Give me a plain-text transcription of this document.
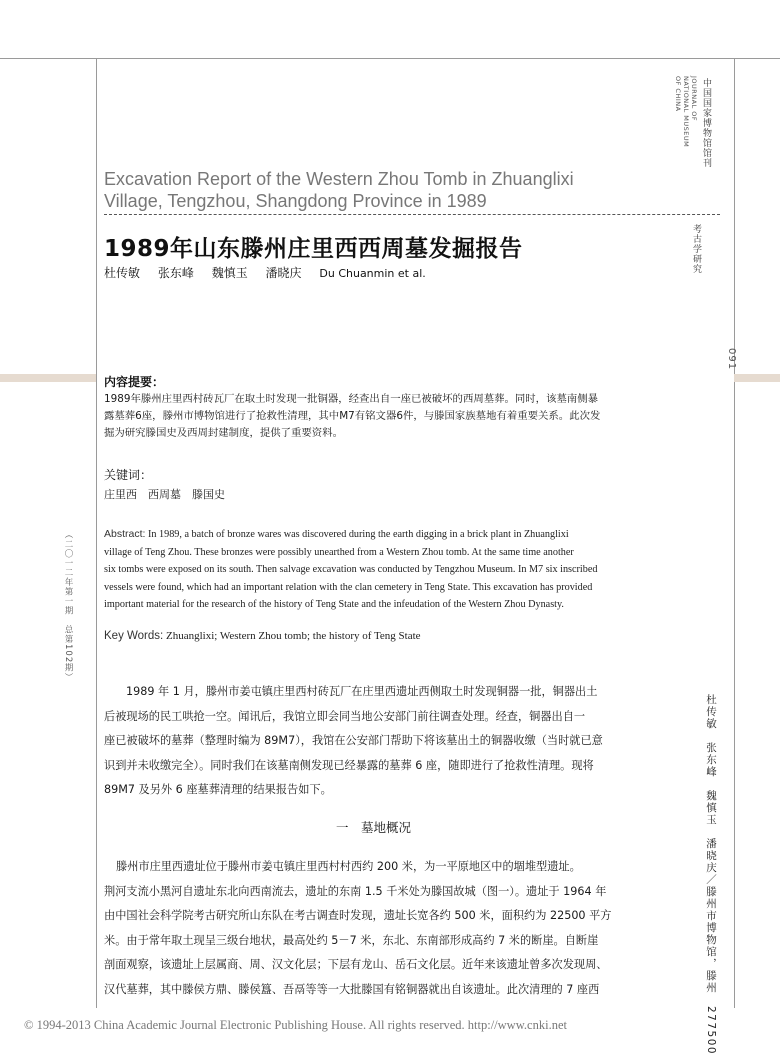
JOURNAL OF NATIONAL MUSEUM OF CHINA	中国国家博物馆馆刊
考古学研究
091
（二〇一二年第一期　总第102期）
杜传敏　张东峰　魏慎玉　潘晓庆／滕州市博物馆，滕州　277500
Excavation Report of the Western Zhou Tomb in Zhuanglixi
Village, Tengzhou, Shangdong Province in 1989
1989年山东滕州庄里西西周墓发掘报告
杜传敏 张东峰 魏慎玉 潘晓庆 Du Chuanmin et al.
内容提要：
1989年滕州庄里西村砖瓦厂在取土时发现一批铜器，经查出自一座已被破坏的西周墓葬。同时，该墓南侧暴
露墓葬6座，滕州市博物馆进行了抢救性清理，其中M7有铭文器6件，与滕国家族墓地有着重要关系。此次发
掘为研究滕国史及西周封建制度，提供了重要资料。
关键词：
庄里西　西周墓　滕国史
Abstract: In 1989, a batch of bronze wares was discovered during the earth digging in a brick plant in Zhuanglixi
village of Teng Zhou. These bronzes were possibly unearthed from a Western Zhou tomb. At the same time another
six tombs were exposed on its south. Then salvage excavation was conducted by Tengzhou Museum. In M7 six inscribed
vessels were found, which had an important relation with the clan cemetery in Teng State. This excavation has provided
important material for the research of the history of Teng State and the infeudation of the Western Zhou Dynasty.
Key Words: Zhuanglixi; Western Zhou tomb; the history of Teng State
1989 年 1 月，滕州市姜屯镇庄里西村砖瓦厂在庄里西遗址西侧取土时发现铜器一批，铜器出土
后被现场的民工哄抢一空。闻讯后，我馆立即会同当地公安部门前往调查处理。经查，铜器出自一
座已被破坏的墓葬（整理时编为 89M7），我馆在公安部门帮助下将该墓出土的铜器收缴（当时就已意
识到并未收缴完全）。同时我们在该墓南侧发现已经暴露的墓葬 6 座，随即进行了抢救性清理。现将
89M7 及另外 6 座墓葬清理的结果报告如下。
一　墓地概况
滕州市庄里西遗址位于滕州市姜屯镇庄里西村村西约 200 米，为一平原地区中的堌堆型遗址。
荆河支流小黑河自遗址东北向西南流去，遗址的东南 1.5 千米处为滕国故城（图一）。遗址于 1964 年
由中国社会科学院考古研究所山东队在考古调查时发现，遗址长宽各约 500 米，面积约为 22500 平方
米。由于常年取土现呈三级台地状，最高处约 5－7 米，东北、东南部形成高约 7 米的断崖。自断崖
剖面观察，该遗址上层属商、周、汉文化层；下层有龙山、岳石文化层。近年来该遗址曾多次发现周、
汉代墓葬，其中滕侯方鼎、滕侯簋、吾鬲等等一大批滕国有铭铜器就出自该遗址。此次清理的 7 座西
© 1994-2013 China Academic Journal Electronic Publishing House. All rights reserved. http://www.cnki.net
